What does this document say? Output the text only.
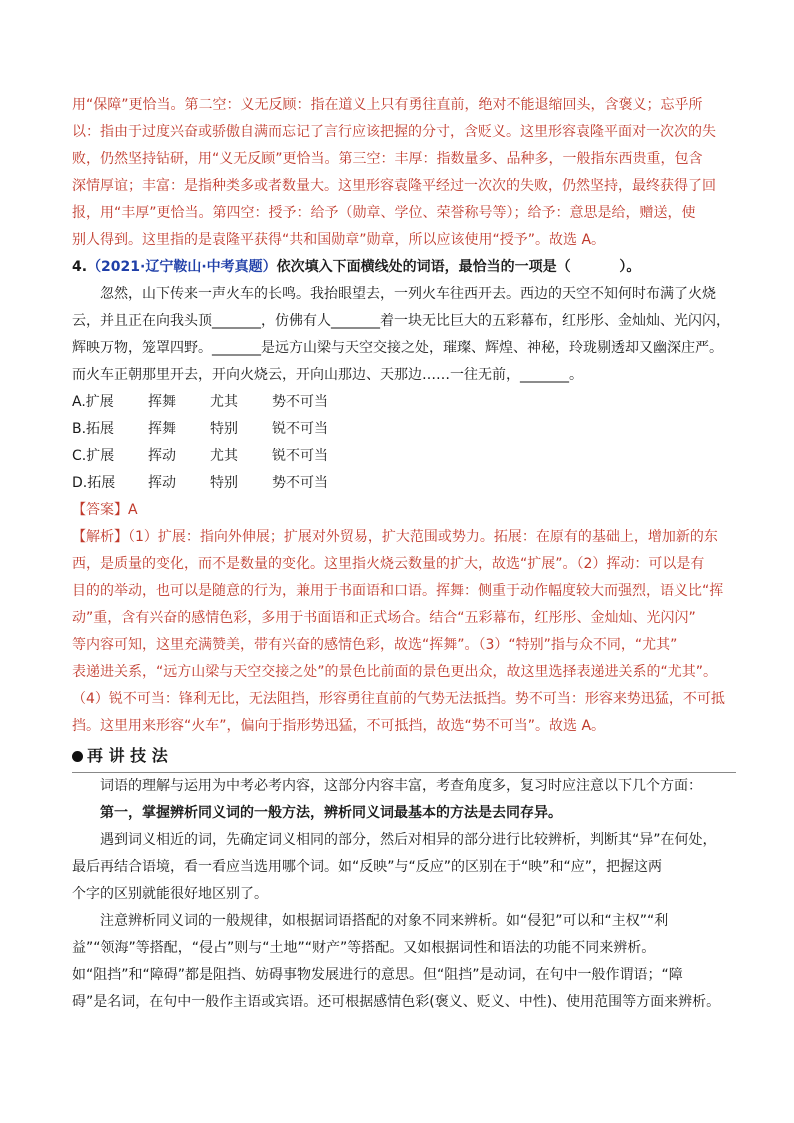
用“保障”更恰当。第二空：义无反顾：指在道义上只有勇往直前，绝对不能退缩回头，含褒义；忘乎所

以：指由于过度兴奋或骄傲自满而忘记了言行应该把握的分寸，含贬义。这里形容袁隆平面对一次次的失

败，仍然坚持钻研，用“义无反顾”更恰当。第三空：丰厚：指数量多、品种多，一般指东西贵重，包含

深情厚谊；丰富：是指种类多或者数量大。这里形容袁隆平经过一次次的失败，仍然坚持，最终获得了回

报，用“丰厚”更恰当。第四空：授予：给予（勋章、学位、荣誉称号等）；给予：意思是给，赠送，使

别人得到。这里指的是袁隆平获得“共和国勋章”勋章，所以应该使用“授予”。故选 A。

4.（2021·辽宁鞍山·中考真题）依次填入下面横线处的词语，最恰当的一项是（          ）。

忽然，山下传来一声火车的长鸣。我抬眼望去，一列火车往西开去。西边的天空不知何时布满了火烧

云，并且正在向我头顶_______，仿佛有人_______着一块无比巨大的五彩幕布，红彤彤、金灿灿、光闪闪，

辉映万物，笼罩四野。_______是远方山梁与天空交接之处，璀璨、辉煌、神秘，玲珑剔透却又幽深庄严。

而火车正朝那里开去，开向火烧云，开向山那边、天那边……一往无前，_______。

A.扩展	挥舞	尤其	势不可当
B.拓展	挥舞	特别	锐不可当
C.扩展	挥动	尤其	锐不可当
D.拓展	挥动	特别	势不可当

【答案】A

【解析】（1）扩展：指向外伸展；扩展对外贸易，扩大范围或势力。拓展：在原有的基础上，增加新的东

西，是质量的变化，而不是数量的变化。这里指火烧云数量的扩大，故选“扩展”。（2）挥动：可以是有

目的的举动，也可以是随意的行为，兼用于书面语和口语。挥舞：侧重于动作幅度较大而强烈，语义比“挥

动”重，含有兴奋的感情色彩，多用于书面语和正式场合。结合“五彩幕布，红彤彤、金灿灿、光闪闪”

等内容可知，这里充满赞美，带有兴奋的感情色彩，故选“挥舞”。（3）“特别”指与众不同，“尤其”

表递进关系，“远方山梁与天空交接之处”的景色比前面的景色更出众，故这里选择表递进关系的“尤其”。

（4）锐不可当：锋利无比，无法阻挡，形容勇往直前的气势无法抵挡。势不可当：形容来势迅猛，不可抵

挡。这里用来形容“火车”，偏向于指形势迅猛，不可抵挡，故选“势不可当”。故选 A。

再 讲 技 法

词语的理解与运用为中考必考内容，这部分内容丰富，考查角度多，复习时应注意以下几个方面：

第一，掌握辨析同义词的一般方法，辨析同义词最基本的方法是去同存异。

遇到词义相近的词，先确定词义相同的部分，然后对相异的部分进行比较辨析，判断其“异”在何处，

最后再结合语境，看一看应当选用哪个词。如“反映”与“反应”的区别在于“映”和“应”，把握这两

个字的区别就能很好地区别了。

注意辨析同义词的一般规律，如根据词语搭配的对象不同来辨析。如“侵犯”可以和“主权”“利

益”“领海”等搭配，“侵占”则与“土地”“财产”等搭配。又如根据词性和语法的功能不同来辨析。

如“阻挡”和“障碍”都是阻挡、妨碍事物发展进行的意思。但“阻挡”是动词，在句中一般作谓语；“障

碍”是名词，在句中一般作主语或宾语。还可根据感情色彩(褒义、贬义、中性)、使用范围等方面来辨析。
